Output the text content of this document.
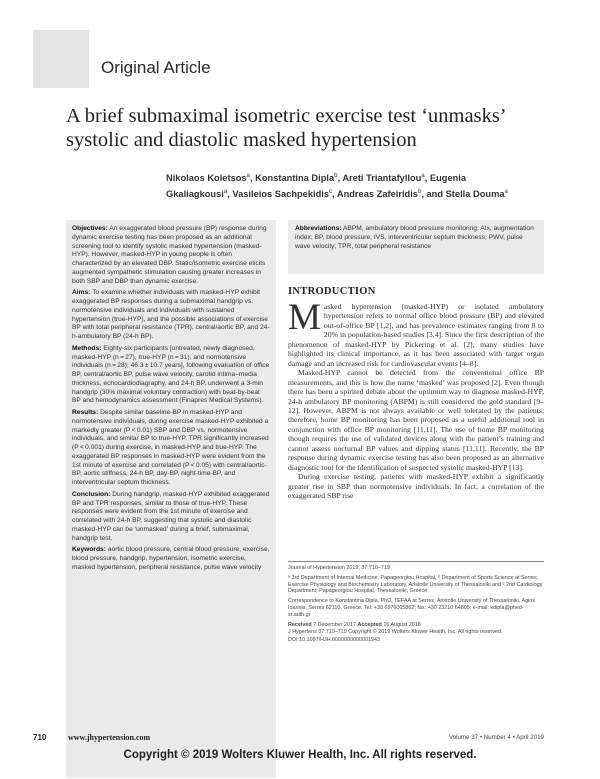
Original Article
A brief submaximal isometric exercise test ‘unmasks’ systolic and diastolic masked hypertension
Nikolaos Koletsos$^a$, Konstantina Dipla$^b$, Areti Triantafyllou$^a$, Eugenia Gkaliagkousi$^a$, Vasileios Sachpekidis$^c$, Andreas Zafeiridis$^b$, and Stella Douma$^a$

Objectives: An exaggerated blood pressure (BP) response during dynamic exercise testing has been proposed as an additional screening tool to identify systolic masked hypertension (masked-HYP). However, masked-HYP in young people is often characterized by an elevated DBP. Static/isometric exercise elicits augmented sympathetic stimulation causing greater increases in both SBP and DBP than dynamic exercise.

Aims: To examine whether individuals with masked-HYP exhibit exaggerated BP responses during a submaximal handgrip vs. normotensive individuals and individuals with sustained hypertension (true-HYP), and the possible associations of exercise BP with total peripheral resistance (TPR), central/aortic BP, and 24-h-ambulatory BP (24-h BP).

Methods: Eighty-six participants [untreated, newly diagnosed, masked-HYP (n = 27), true-HYP (n = 31), and normotensive individuals (n = 28); 46.3 ± 10.7 years], following evaluation of office BP, central/aortic BP, pulse wave velocity, carotid intima–media thickness, echocardiodiagraphy, and 24-h BP, underwent a 3-min handgrip (30% maximal voluntary contraction) with beat-by-beat BP and hemodynamics assessment (Finapres Medical Systems).

Results: Despite similar baseline-BP in masked-HYP and normotensive individuals, during exercise masked-HYP exhibited a markedly greater (P < 0.01) SBP and DBP vs. normotensive individuals, and similar BP to true-HYP. TPR significantly increased (P < 0.001) during exercise, in masked-HYP and true-HYP. The exaggerated BP responses in masked-HYP were evident from the 1st minute of exercise and correlated (P < 0.05) with central/aortic-BP, aortic stiffness, 24-h BP, day-BP, night-time-BP, and interventricular septum thickness.

Conclusion: During handgrip, masked-HYP exhibited exaggerated BP and TPR responses, similar to those of true-HYP. These responses were evident from the 1st minute of exercise and correlated with 24-h BP, suggesting that systolic and diastolic masked-HYP can be ‘unmasked’ during a brief, submaximal, handgrip test.

Keywords: aortic blood pressure, central blood pressure, exercise, blood pressure, handgrip, hypertension, isometric exercise, masked hypertension, peripheral resistance, pulse wave velocity

Abbreviations: ABPM, ambulatory blood pressure monitoring; AIx, augmentation index; BP, blood pressure; IVS, interventricular septum thickness; PWV, pulse wave velocity; TPR, total peripheral resistance
INTRODUCTION

Masked hypertension (masked-HYP) or isolated ambulatory hypertension refers to normal office blood pressure (BP) and elevated out-of-office BP [1,2], and has prevalence estimates ranging from 8 to 20% in population-based studies [3,4]. Since the first description of the phenomenon of masked-HYP by Pickering et al. [2], many studies have highlighted its clinical importance, as it has been associated with target organ damage and an increased risk for cardiovascular events [4–8].

Masked-HYP cannot be detected from the conventional office BP measurements, and this is how the name ‘masked’ was proposed [2]. Even though there has been a spirited debate about the optimum way to diagnose masked-HYP, 24-h ambulatory BP monitoring (ABPM) is still considered the gold standard [9–12]. However, ABPM is not always available or well tolerated by the patients; therefore, home BP monitoring has been proposed as a useful additional tool in conjunction with office BP monitoring [11,11]. The use of home BP monitoring though requires the use of validated devices along with the patient’s training and cannot assess nocturnal BP values and dipping status [11,11]. Recently, the BP response during dynamic exercise testing has also been proposed as an alternative diagnostic tool for the identification of suspected systolic masked-HYP [13].

During exercise testing, patients with masked-HYP exhibit a significantly greater rise in SBP than normotensive individuals. In fact, a correlation of the exaggerated SBP rise

Journal of Hypertension 2019, 37:710–719

ᵃ 3rd Department of Internal Medicine, Papageorgiou Hospital, ᵇ Department of Sports Science at Serres, Exercise Physiology and Biochemistry Laboratory, Aristotle University of Thessaloniki and ᶜ 2nd Cardiology Department, Papageorgiou Hospital, Thessaloniki, Greece

Correspondence to Konstantina Dipla, PhD, TEFAA at Serres, Aristotle University of Thessaloniki, Agios Ioannis, Serres 62110, Greece. Tel: +30 6976005862; fax: +30 23210 64805; e-mail: kdipla@phed-sr.auth.gr

Received 7 December 2017 Accepted 16 August 2018

J Hypertens 37:710–719 Copyright © 2019 Wolters Kluwer Health, Inc. All rights reserved.

DOI:10.1097/HJH.0000000000001943

710	www.jhypertension.com	Volume 37 • Number 4 • April 2019
Copyright © 2019 Wolters Kluwer Health, Inc. All rights reserved.
